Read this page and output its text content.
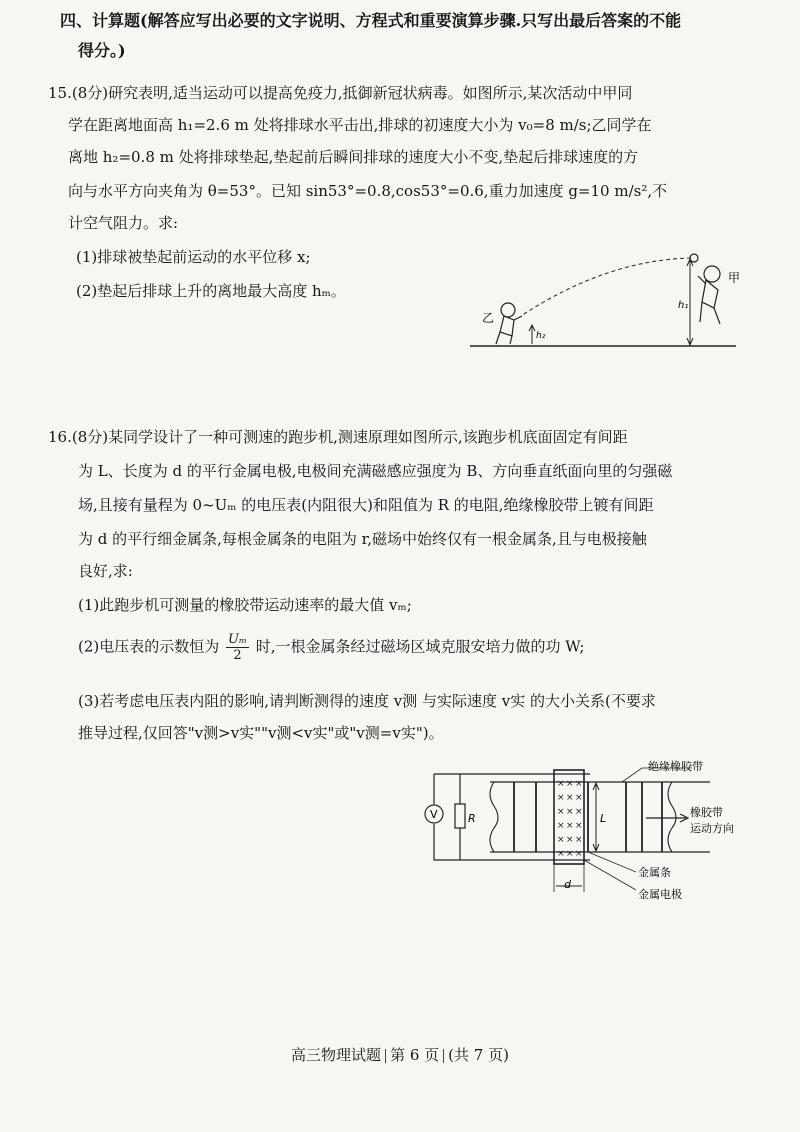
四、计算题(解答应写出必要的文字说明、方程式和重要演算步骤.只写出最后答案的不能
得分。)
15.(8分)研究表明,适当运动可以提高免疫力,抵御新冠状病毒。如图所示,某次活动中甲同
学在距离地面高 h₁=2.6 m 处将排球水平击出,排球的初速度大小为 v₀=8 m/s;乙同学在
离地 h₂=0.8 m 处将排球垫起,垫起前后瞬间排球的速度大小不变,垫起后排球速度的方
向与水平方向夹角为 θ=53°。已知 sin53°=0.8,cos53°=0.6,重力加速度 g=10 m/s²,不
计空气阻力。求:
(1)排球被垫起前运动的水平位移 x;
(2)垫起后排球上升的离地最大高度 hₘ。
h₁
甲
乙
h₂
16.(8分)某同学设计了一种可测速的跑步机,测速原理如图所示,该跑步机底面固定有间距
为 L、长度为 d 的平行金属电极,电极间充满磁感应强度为 B、方向垂直纸面向里的匀强磁
场,且接有量程为 0~Uₘ 的电压表(内阻很大)和阻值为 R 的电阻,绝缘橡胶带上镀有间距
为 d 的平行细金属条,每根金属条的电阻为 r,磁场中始终仅有一根金属条,且与电极接触
良好,求:
(1)此跑步机可测量的橡胶带运动速率的最大值 vₘ;
(2)电压表的示数恒为 $\frac{\text{Uₘ}}{2}$ 时,一根金属条经过磁场区域克服安培力做的功 W;
(3)若考虑电压表内阻的影响,请判断测得的速度 v测 与实际速度 v实 的大小关系(不要求
推导过程,仅回答"v测>v实""v测<v实"或"v测=v实")。
V	R
× × ×
× × ×
× × ×
× × ×
× × ×
× × ×
L
d
绝缘橡胶带
橡胶带
运动方向
金属条
金属电极
高三物理试题 第 6 页 (共 7 页)
